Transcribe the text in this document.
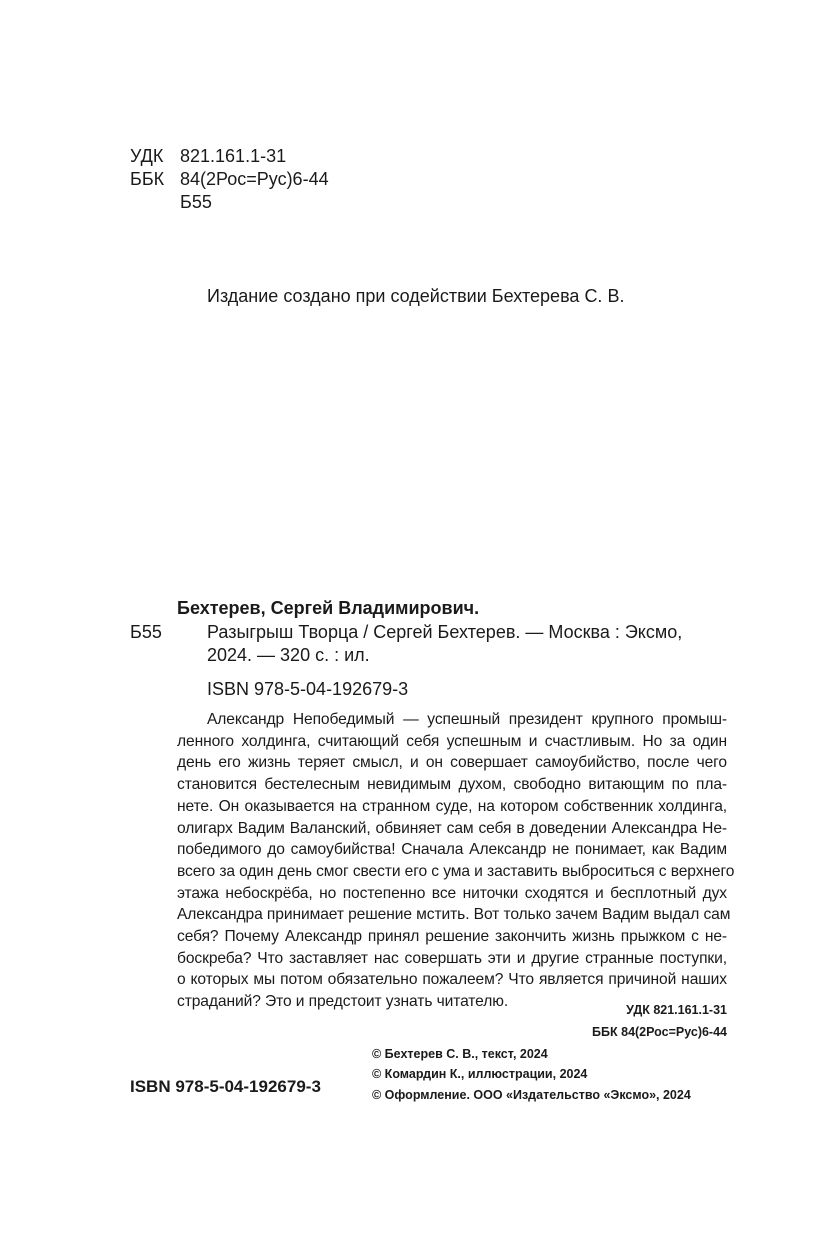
УДК 821.161.1-31
ББК 84(2Рос=Рус)6-44
Б55
Издание создано при содействии Бехтерева С. В.
Бехтерев, Сергей Владимирович.
Б55	Разыгрыш Творца / Сергей Бехтерев. — Москва : Эксмо,
2024. — 320 с. : ил.
ISBN 978-5-04-192679-3
Александр Непобедимый — успешный президент крупного промыш-
ленного холдинга, считающий себя успешным и счастливым. Но за один
день его жизнь теряет смысл, и он совершает самоубийство, после чего
становится бестелесным невидимым духом, свободно витающим по пла-
нете. Он оказывается на странном суде, на котором собственник холдинга,
олигарх Вадим Валанский, обвиняет сам себя в доведении Александра Не-
победимого до самоубийства! Сначала Александр не понимает, как Вадим
всего за один день смог свести его с ума и заставить выброситься с верхнего
этажа небоскрёба, но постепенно все ниточки сходятся и бесплотный дух
Александра принимает решение мстить. Вот только зачем Вадим выдал сам
себя? Почему Александр принял решение закончить жизнь прыжком с не-
боскреба? Что заставляет нас совершать эти и другие странные поступки,
о которых мы потом обязательно пожалеем? Что является причиной наших
страданий? Это и предстоит узнать читателю.	УДК 821.161.1-31
ББК 84(2Рос=Рус)6-44
© Бехтерев С. В., текст, 2024
© Комардин К., иллюстрации, 2024
© Оформление. ООО «Издательство «Эксмо», 2024
ISBN 978-5-04-192679-3
